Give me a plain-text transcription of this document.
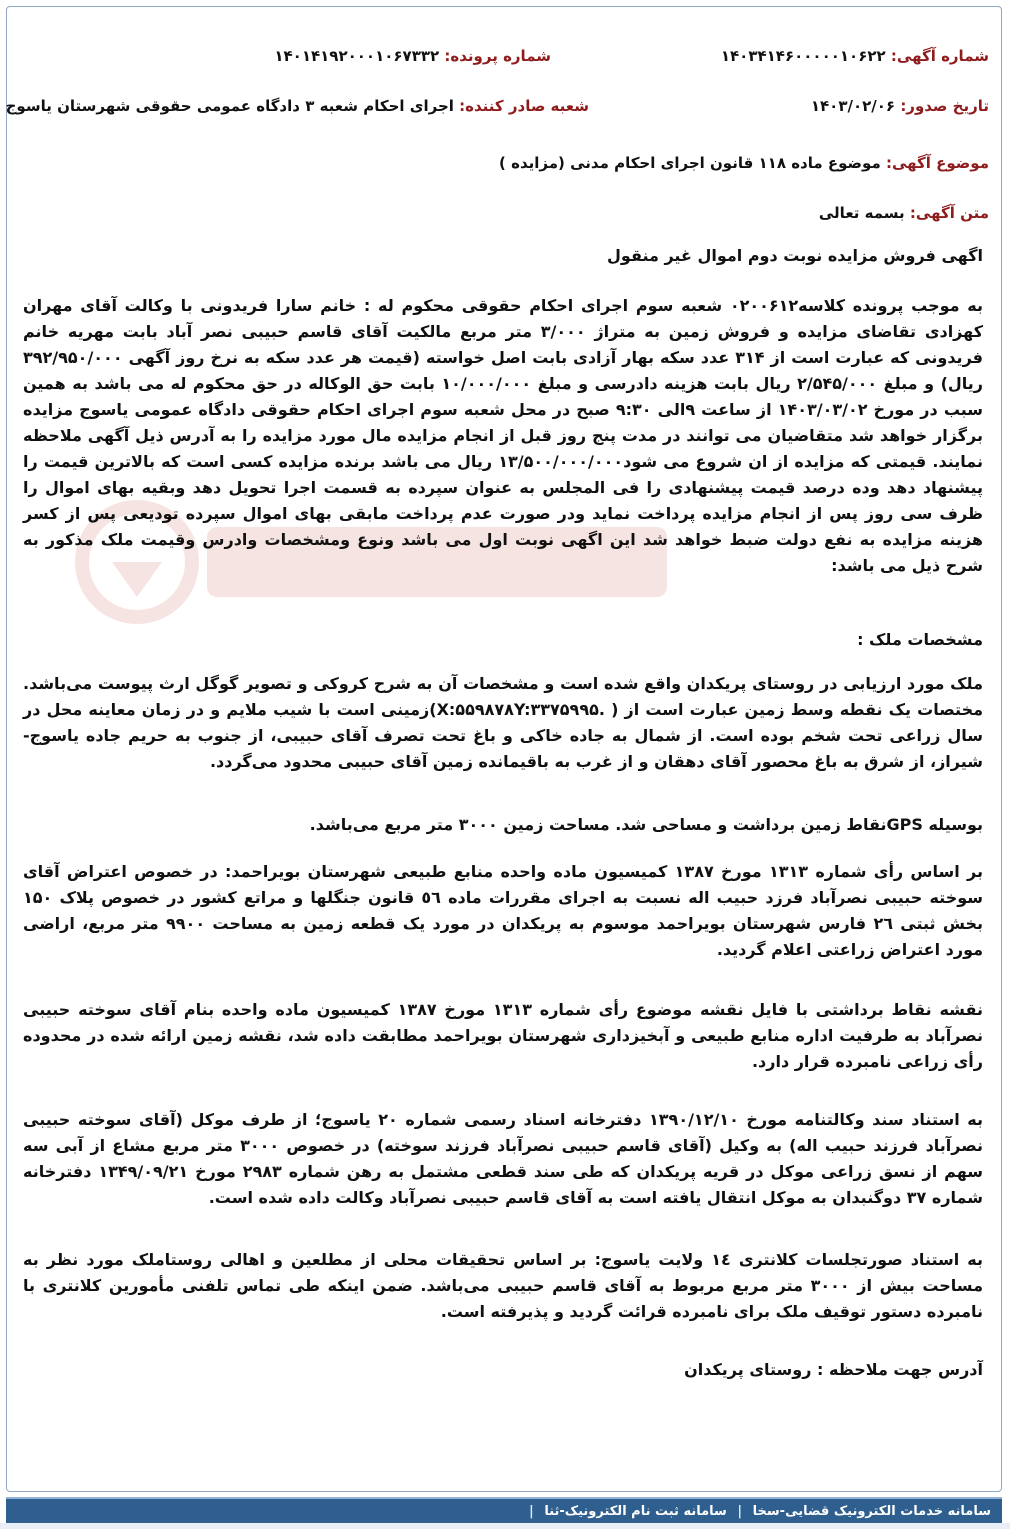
شماره آگهی: ۱۴۰۳۴۱۴۶۰۰۰۰۰۱۰۶۲۲
شماره پرونده: ۱۴۰۱۴۱۹۲۰۰۰۱۰۶۷۳۳۲
تاریخ صدور: ۱۴۰۳/۰۲/۰۶
شعبه صادر کننده: اجرای احکام شعبه ۳ دادگاه عمومی حقوقی شهرستان یاسوج
موضوع آگهی: موضوع ماده ۱۱۸ قانون اجرای احکام مدنی (مزایده )
متن آگهی: بسمه تعالی
اگهی فروش مزایده نوبت دوم اموال غیر منقول
به موجب پرونده کلاسه۰۲۰۰۶۱۲ شعبه سوم اجرای احکام حقوقی محکوم له : خانم سارا فریدونی با وکالت آقای مهران کهزادی تقاضای مزایده و فروش زمین به متراژ ۳/۰۰۰ متر مربع مالکیت آقای قاسم حبیبی نصر آباد بابت مهریه خانم فریدونی که عبارت است از ۳۱۴ عدد سکه بهار آزادی بابت اصل خواسته (قیمت هر عدد سکه به نرخ روز آگهی ۳۹۲/۹۵۰/۰۰۰ ریال) و مبلغ ۲/۵۴۵/۰۰۰ ریال بابت هزینه دادرسی و مبلغ ۱۰/۰۰۰/۰۰۰ بابت حق الوکاله در حق محکوم له می باشد به همین سبب در مورخ ۱۴۰۳/۰۳/۰۲ از ساعت ۹الی ۹:۳۰ صبح در محل شعبه سوم اجرای احکام حقوقی دادگاه عمومی یاسوج مزایده برگزار خواهد شد متقاضیان می توانند در مدت پنج روز قبل از انجام مزایده مال مورد مزایده را به آدرس ذیل آگهی ملاحظه نمایند. قیمتی که مزایده از ان شروع می شود۱۳/۵۰۰/۰۰۰/۰۰۰ ریال می باشد برنده مزایده کسی است که بالاترین قیمت را پیشنهاد دهد وده درصد قیمت پیشنهادی را فی المجلس به عنوان سپرده به قسمت اجرا تحویل دهد وبقیه بهای اموال را ظرف سی روز پس از انجام مزایده پرداخت نماید ودر صورت عدم پرداخت مابقی بهای اموال سپرده تودیعی پس از کسر هزینه مزایده به نفع دولت ضبط خواهد شد این اگهی نوبت اول می باشد ونوع ومشخصات وادرس وقیمت ملک مذکور به شرح ذیل می باشد:
مشخصات ملک :
ملک مورد ارزیابی در روستای پریکدان واقع شده است و مشخصات آن به شرح کروکی و تصویر گوگل ارث پیوست می‌باشد. مختصات یک نقطه وسط زمین عبارت است از ( .X:۵۵۹۸۷۸Y:۳۳۷۵۹۹۵)زمینی است با شیب ملایم و در زمان معاینه محل در سال زراعی تحت شخم بوده است. از شمال به جاده خاکی و باغ تحت تصرف آقای حبیبی، از جنوب به حریم جاده یاسوج-شیراز، از شرق به باغ محصور آقای دهقان و از غرب به باقیمانده زمین آقای حبیبی محدود می‌گردد.
بوسیله GPSنقاط زمین برداشت و مساحی شد. مساحت زمین ۳۰۰۰ متر مربع می‌باشد.
بر اساس رأی شماره ۱۳۱۳ مورخ ۱۳۸۷ کمیسیون ماده واحده منابع طبیعی شهرستان بویراحمد: در خصوص اعتراض آقای سوخته حبیبی نصرآباد فرزد حبیب اله نسبت به اجرای مقررات ماده ٥٦ قانون جنگلها و مراتع کشور در خصوص پلاک ۱۵۰ بخش ثبتی ۲٦ فارس شهرستان بویراحمد موسوم به پریکدان در مورد یک قطعه زمین به مساحت ۹۹۰۰ متر مربع، اراضی مورد اعتراض زراعتی اعلام گردید.
نقشه نقاط برداشتی با فایل نقشه موضوع رأی شماره ۱۳۱۳ مورخ ۱۳۸۷ کمیسیون ماده واحده بنام آقای سوخته حبیبی نصرآباد به طرفیت اداره منابع طبیعی و آبخیزداری شهرستان بویراحمد مطابقت داده شد، نقشه زمین ارائه شده در محدوده رأی زراعی نامبرده قرار دارد.
به استناد سند وکالتنامه مورخ ۱۳۹۰/۱۲/۱۰ دفترخانه اسناد رسمی شماره ۲۰ یاسوج؛ از طرف موکل (آقای سوخته حبیبی نصرآباد فرزند حبیب اله) به وکیل (آقای قاسم حبیبی نصرآباد فرزند سوخته) در خصوص ۳۰۰۰ متر مربع مشاع از آبی سه سهم از نسق زراعی موکل در قریه پریکدان که طی سند قطعی مشتمل به رهن شماره ۲۹۸۳ مورخ ۱۳۴۹/۰۹/۲۱ دفترخانه شماره ۳۷ دوگنبدان به موکل انتقال یافته است به آقای قاسم حبیبی نصرآباد وکالت داده شده است.
به استناد صورتجلسات کلانتری ۱٤ ولایت یاسوج: بر اساس تحقیقات محلی از مطلعین و اهالی روستاملک مورد نظر به مساحت بیش از ۳۰۰۰ متر مربع مربوط به آقای قاسم حبیبی می‌باشد. ضمن اینکه طی تماس تلفنی مأمورین کلانتری با نامبرده دستور توقیف ملک برای نامبرده قرائت گردید و پذیرفته است.
آدرس جهت ملاحظه : روستای پریکدان
سامانه خدمات الکترونیک قضایی-سخا | سامانه ثبت نام الکترونیک-ثنا |
